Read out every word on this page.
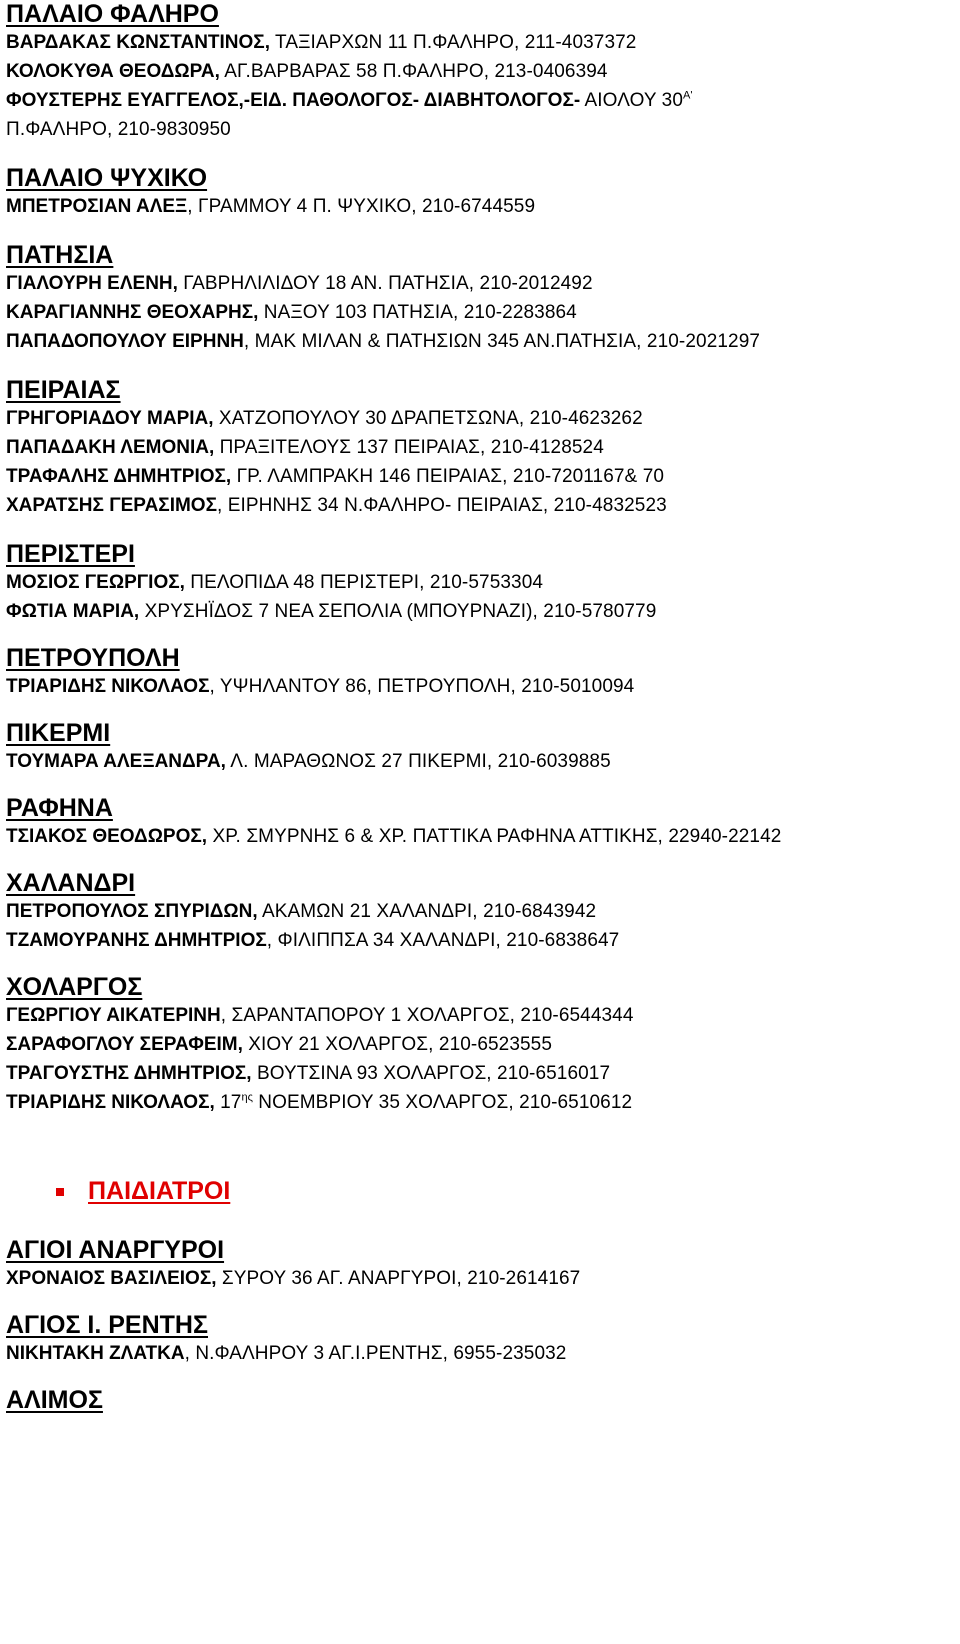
ΠΑΛΑΙΟ ΦΑΛΗΡΟ

ΒΑΡΔΑΚΑΣ ΚΩΝΣΤΑΝΤΙΝΟΣ, ΤΑΞΙΑΡΧΩΝ 11 Π.ΦΑΛΗΡΟ, 211-4037372

ΚΟΛΟΚΥΘΑ ΘΕΟΔΩΡΑ, ΑΓ.ΒΑΡΒΑΡΑΣ 58 Π.ΦΑΛΗΡΟ, 213-0406394

ΦΟΥΣΤΕΡΗΣ ΕΥΑΓΓΕΛΟΣ,-ΕΙΔ. ΠΑΘΟΛΟΓΟΣ- ΔΙΑΒΗΤΟΛΟΓΟΣ- ΑΙΟΛΟΥ $30^{A'}$

Π.ΦΑΛΗΡΟ, 210-9830950

ΠΑΛΑΙΟ ΨΥΧΙΚΟ

ΜΠΕΤΡΟΣΙΑΝ ΑΛΕΞ, ΓΡΑΜΜΟΥ 4 Π. ΨΥΧΙΚΟ, 210-6744559

ΠΑΤΗΣΙΑ

ΓΙΑΛΟΥΡΗ ΕΛΕΝΗ, ΓΑΒΡΗΛΙΛΙΔΟΥ 18 ΑΝ. ΠΑΤΗΣΙΑ, 210-2012492

ΚΑΡΑΓΙΑΝΝΗΣ ΘΕΟΧΑΡΗΣ, ΝΑΞΟΥ 103 ΠΑΤΗΣΙΑ, 210-2283864

ΠΑΠΑΔΟΠΟΥΛΟΥ ΕΙΡΗΝΗ, ΜΑΚ ΜΙΛΑΝ & ΠΑΤΗΣΙΩΝ 345 ΑΝ.ΠΑΤΗΣΙΑ, 210-2021297

ΠΕΙΡΑΙΑΣ

ΓΡΗΓΟΡΙΑΔΟΥ ΜΑΡΙΑ, ΧΑΤΖΟΠΟΥΛΟΥ 30 ΔΡΑΠΕΤΣΩΝΑ, 210-4623262

ΠΑΠΑΔΑΚΗ ΛΕΜΟΝΙΑ, ΠΡΑΞΙΤΕΛΟΥΣ 137 ΠΕΙΡΑΙΑΣ, 210-4128524

ΤΡΑΦΑΛΗΣ ΔΗΜΗΤΡΙΟΣ, ΓΡ. ΛΑΜΠΡΑΚΗ 146 ΠΕΙΡΑΙΑΣ, 210-7201167& 70

ΧΑΡΑΤΣΗΣ ΓΕΡΑΣΙΜΟΣ, ΕΙΡΗΝΗΣ 34 Ν.ΦΑΛΗΡΟ- ΠΕΙΡΑΙΑΣ, 210-4832523

ΠΕΡΙΣΤΕΡΙ

ΜΟΣΙΟΣ ΓΕΩΡΓΙΟΣ, ΠΕΛΟΠΙΔΑ 48 ΠΕΡΙΣΤΕΡΙ, 210-5753304

ΦΩΤΙΑ ΜΑΡΙΑ, ΧΡΥΣΗΪΔΟΣ 7 ΝΕΑ ΣΕΠΟΛΙΑ (ΜΠΟΥΡΝΑΖΙ), 210-5780779

ΠΕΤΡΟΥΠΟΛΗ

ΤΡΙΑΡΙΔΗΣ ΝΙΚΟΛΑΟΣ, ΥΨΗΛΑΝΤΟΥ 86, ΠΕΤΡΟΥΠΟΛΗ, 210-5010094

ΠΙΚΕΡΜΙ

ΤΟΥΜΑΡΑ ΑΛΕΞΑΝΔΡΑ, Λ. ΜΑΡΑΘΩΝΟΣ 27 ΠΙΚΕΡΜΙ, 210-6039885

ΡΑΦΗΝΑ

ΤΣΙΑΚΟΣ ΘΕΟΔΩΡΟΣ, ΧΡ. ΣΜΥΡΝΗΣ 6 & ΧΡ. ΠΑΤΤΙΚΑ ΡΑΦΗΝΑ ΑΤΤΙΚΗΣ, 22940-22142

ΧΑΛΑΝΔΡΙ

ΠΕΤΡΟΠΟΥΛΟΣ ΣΠΥΡΙΔΩΝ, ΑΚΑΜΩΝ 21 ΧΑΛΑΝΔΡΙ, 210-6843942

ΤΖΑΜΟΥΡΑΝΗΣ ΔΗΜΗΤΡΙΟΣ, ΦΙΛΙΠΠΣΑ 34 ΧΑΛΑΝΔΡΙ, 210-6838647

ΧΟΛΑΡΓΟΣ

ΓΕΩΡΓΙΟΥ ΑΙΚΑΤΕΡΙΝΗ, ΣΑΡΑΝΤΑΠΟΡΟΥ 1 ΧΟΛΑΡΓΟΣ, 210-6544344

ΣΑΡΑΦΟΓΛΟΥ ΣΕΡΑΦΕΙΜ, ΧΙΟΥ 21 ΧΟΛΑΡΓΟΣ, 210-6523555

ΤΡΑΓΟΥΣΤΗΣ ΔΗΜΗΤΡΙΟΣ, ΒΟΥΤΣΙΝΑ 93 ΧΟΛΑΡΓΟΣ, 210-6516017

ΤΡΙΑΡΙΔΗΣ ΝΙΚΟΛΑΟΣ, $17^{\eta\varsigma}$ ΝΟΕΜΒΡΙΟΥ 35 ΧΟΛΑΡΓΟΣ, 210-6510612

ΠΑΙΔΙΑΤΡΟΙ

ΑΓΙΟΙ ΑΝΑΡΓΥΡΟΙ

ΧΡΟΝΑΙΟΣ ΒΑΣΙΛΕΙΟΣ, ΣΥΡΟΥ 36 ΑΓ. ΑΝΑΡΓΥΡΟΙ, 210-2614167

ΑΓΙΟΣ Ι. ΡΕΝΤΗΣ

ΝΙΚΗΤΑΚΗ ΖΛΑΤΚΑ, Ν.ΦΑΛΗΡΟΥ 3 ΑΓ.Ι.ΡΕΝΤΗΣ, 6955-235032

ΑΛΙΜΟΣ
